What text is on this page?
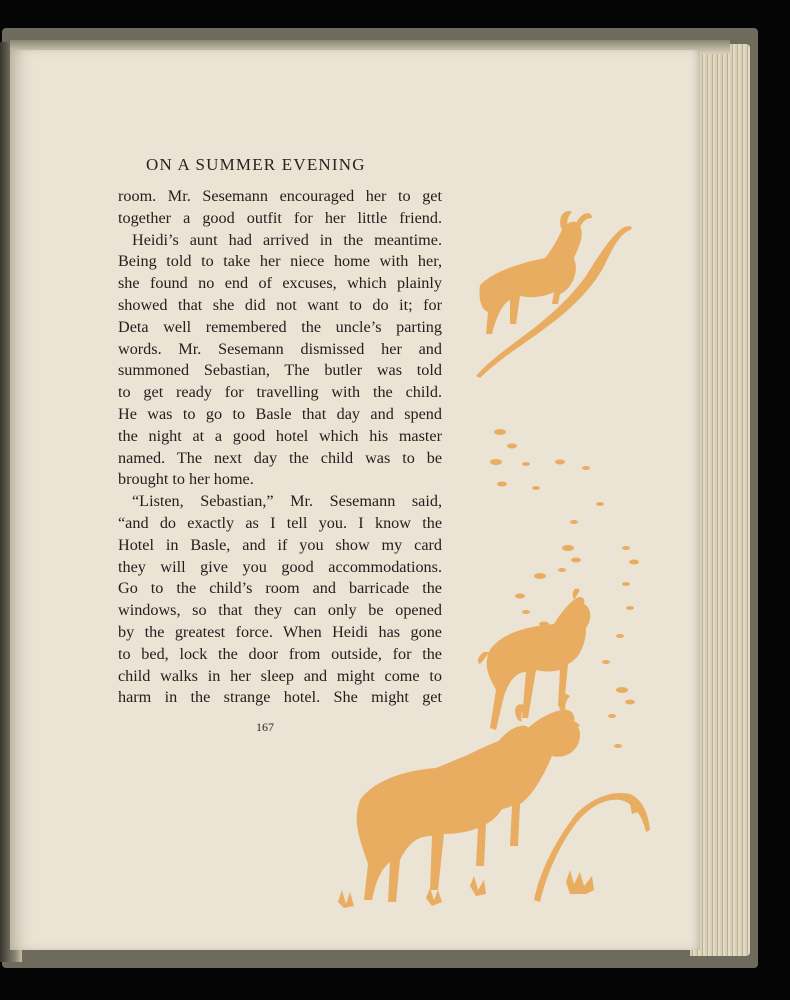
ON A SUMMER EVENING
room. Mr. Sesemann encouraged her to get
together a good outfit for her little friend.
Heidi’s aunt had arrived in the meantime.
Being told to take her niece home with her,
she found no end of excuses, which plainly
showed that she did not want to do it; for
Deta well remembered the uncle’s parting
words. Mr. Sesemann dismissed her and
summoned Sebastian, The butler was told
to get ready for travelling with the child.
He was to go to Basle that day and spend
the night at a good hotel which his master
named. The next day the child was to be
brought to her home.
“Listen, Sebastian,” Mr. Sesemann said,
“and do exactly as I tell you. I know the
Hotel in Basle, and if you show my card
they will give you good accommodations.
Go to the child’s room and barricade the
windows, so that they can only be opened
by the greatest force. When Heidi has gone
to bed, lock the door from outside, for the
child walks in her sleep and might come to
harm in the strange hotel. She might get
167
